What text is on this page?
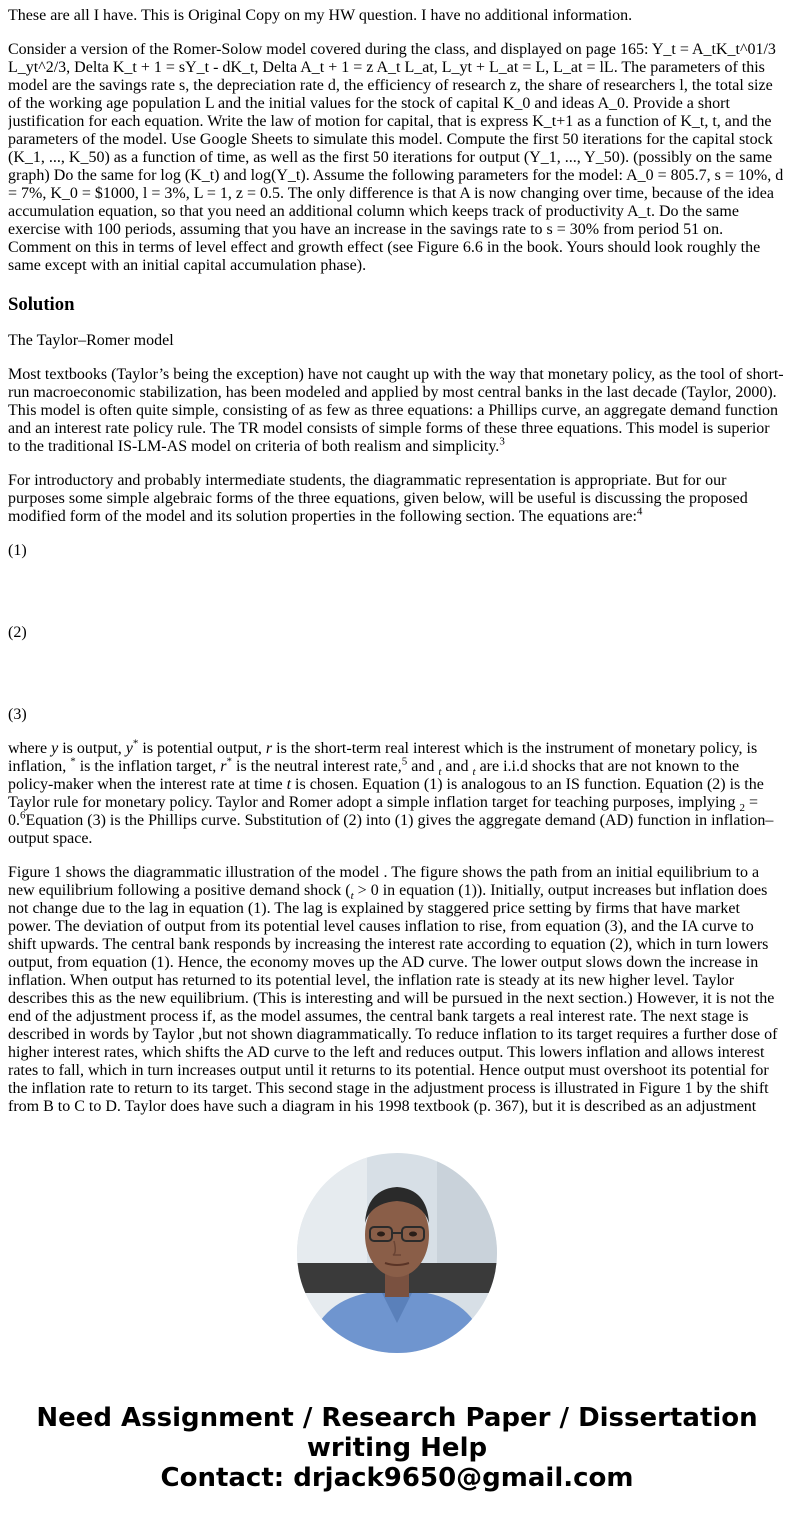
These are all I have. This is Original Copy on my HW question. I have no additional information.

Consider a version of the Romer-Solow model covered during the class, and displayed on page 165: Y_t = A_tK_t^01/3 L_yt^2/3, Delta K_t + 1 = sY_t - dK_t, Delta A_t + 1 = z A_t L_at, L_yt + L_at = L, L_at = lL. The parameters of this model are the savings rate s, the depreciation rate d, the efficiency of research z, the share of researchers l, the total size of the working age population L and the initial values for the stock of capital K_0 and ideas A_0. Provide a short justification for each equation. Write the law of motion for capital, that is express K_t+1 as a function of K_t, t, and the parameters of the model. Use Google Sheets to simulate this model. Compute the first 50 iterations for the capital stock (K_1, ..., K_50) as a function of time, as well as the first 50 iterations for output (Y_1, ..., Y_50). (possibly on the same graph) Do the same for log (K_t) and log(Y_t). Assume the following parameters for the model: A_0 = 805.7, s = 10%, d = 7%, K_0 = $1000, l = 3%, L = 1, z = 0.5. The only difference is that A is now changing over time, because of the idea accumulation equation, so that you need an additional column which keeps track of productivity A_t. Do the same exercise with 100 periods, assuming that you have an increase in the savings rate to s = 30% from period 51 on. Comment on this in terms of level effect and growth effect (see Figure 6.6 in the book. Yours should look roughly the same except with an initial capital accumulation phase).

Solution

The Taylor–Romer model

Most textbooks (Taylor’s being the exception) have not caught up with the way that monetary policy, as the tool of short-run macroeconomic stabilization, has been modeled and applied by most central banks in the last decade (Taylor, 2000). This model is often quite simple, consisting of as few as three equations: a Phillips curve, an aggregate demand function and an interest rate policy rule. The TR model consists of simple forms of these three equations. This model is superior to the traditional IS-LM-AS model on criteria of both realism and simplicity.$^3$

For introductory and probably intermediate students, the diagrammatic representation is appropriate. But for our purposes some simple algebraic forms of the three equations, given below, will be useful is discussing the proposed modified form of the model and its solution properties in the following section. The equations are:$^4$

(1)
(2)
(3)

where y is output, y* is potential output, r is the short-term real interest which is the instrument of monetary policy, is inflation, * is the inflation target, r* is the neutral interest rate,$^5$ and $_t$ and $_t$ are i.i.d shocks that are not known to the policy-maker when the interest rate at time t is chosen. Equation (1) is analogous to an IS function. Equation (2) is the Taylor rule for monetary policy. Taylor and Romer adopt a simple inflation target for teaching purposes, implying $_2$ = 0.$^6$Equation (3) is the Phillips curve. Substitution of (2) into (1) gives the aggregate demand (AD) function in inflation–output space.

Figure 1 shows the diagrammatic illustration of the model . The figure shows the path from an initial equilibrium to a new equilibrium following a positive demand shock ($_t > 0$ in equation (1)). Initially, output increases but inflation does not change due to the lag in equation (1). The lag is explained by staggered price setting by firms that have market power. The deviation of output from its potential level causes inflation to rise, from equation (3), and the IA curve to shift upwards. The central bank responds by increasing the interest rate according to equation (2), which in turn lowers output, from equation (1). Hence, the economy moves up the AD curve. The lower output slows down the increase in inflation. When output has returned to its potential level, the inflation rate is steady at its new higher level. Taylor describes this as the new equilibrium. (This is interesting and will be pursued in the next section.) However, it is not the end of the adjustment process if, as the model assumes, the central bank targets a real interest rate. The next stage is described in words by Taylor ,but not shown diagrammatically. To reduce inflation to its target requires a further dose of higher interest rates, which shifts the AD curve to the left and reduces output. This lowers inflation and allows interest rates to fall, which in turn increases output until it returns to its potential. Hence output must overshoot its potential for the inflation rate to return to its target. This second stage in the adjustment process is illustrated in Figure 1 by the shift from B to C to D. Taylor does have such a diagram in his 1998 textbook (p. 367), but it is described as an adjustment

Need Assignment / Research Paper / Dissertation
writing Help
Contact: drjack9650@gmail.com
